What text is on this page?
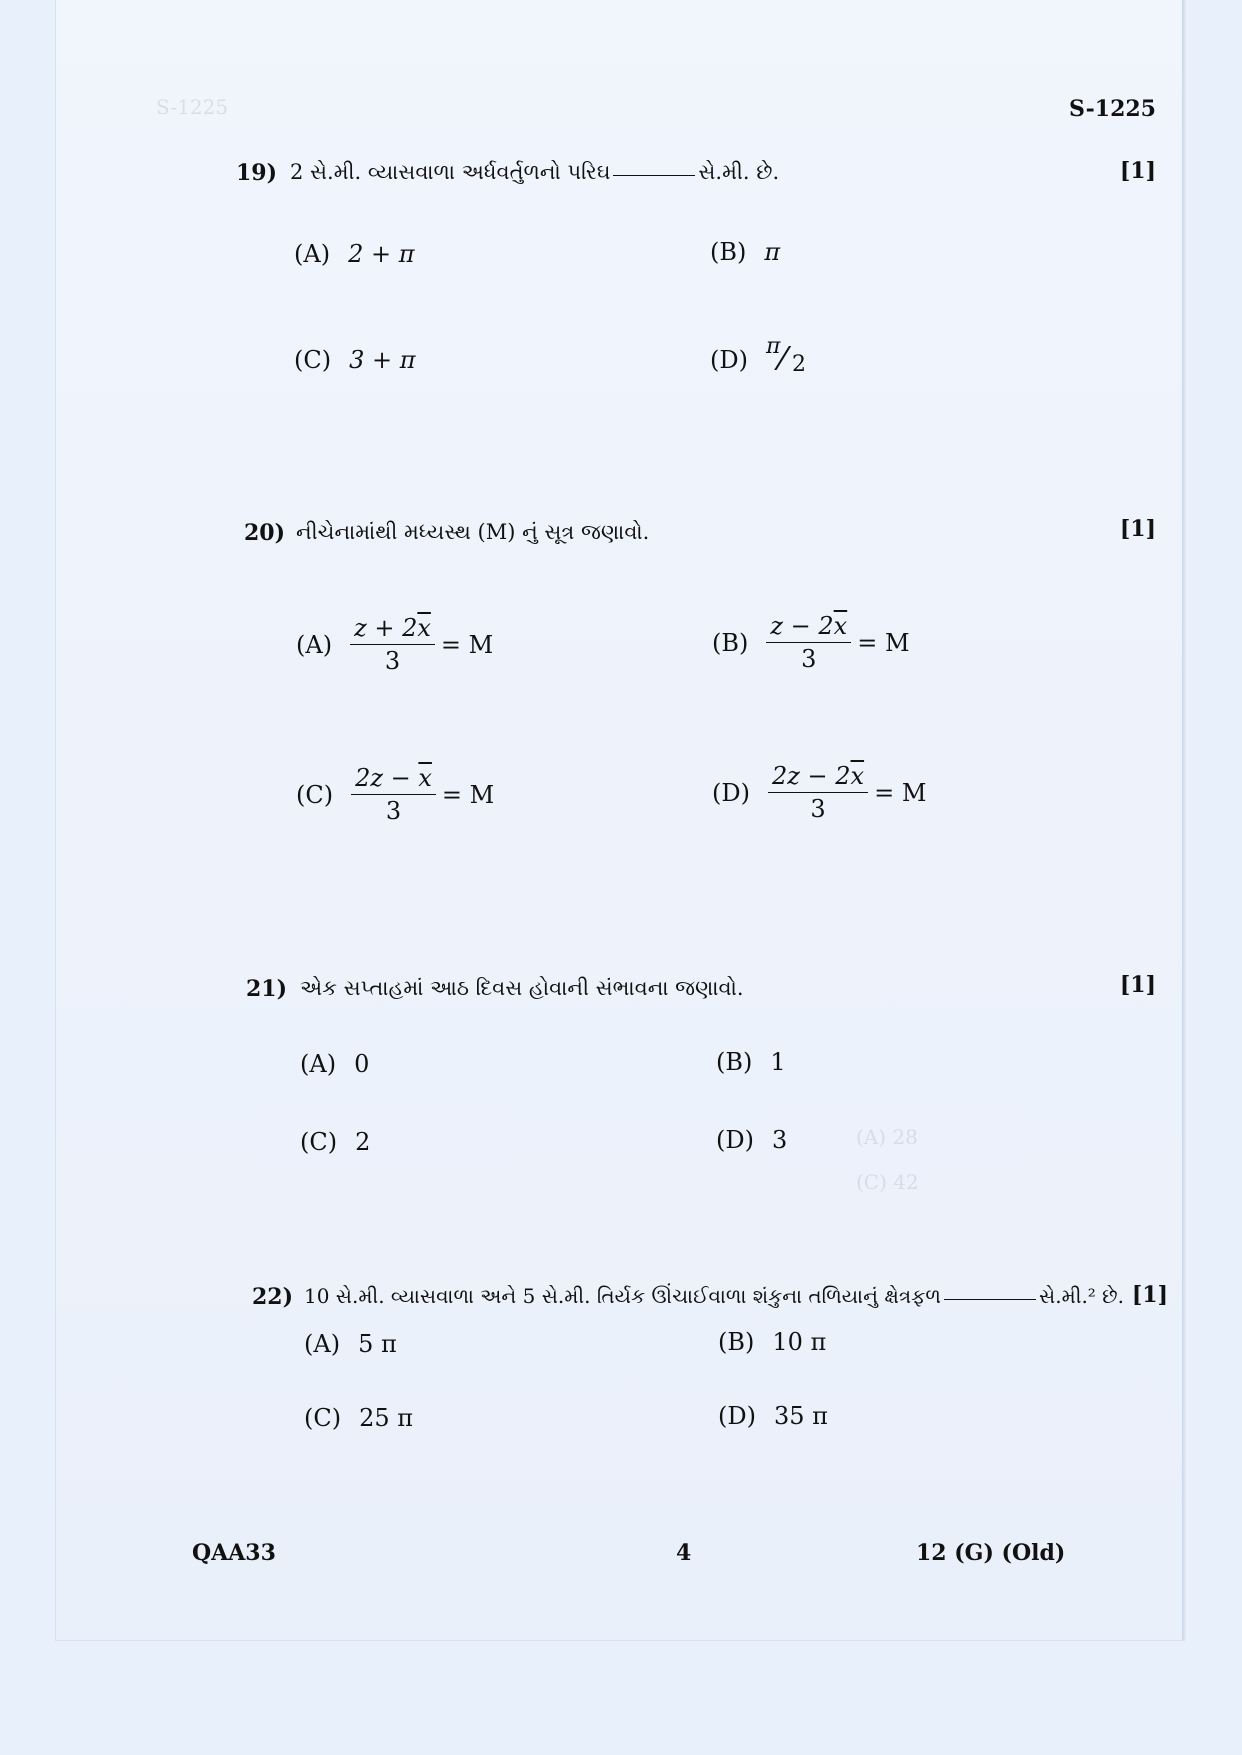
S-1225
(A) 28
(C) 42
S-1225
19) 2 સે.મી. વ્યાસવાળા અર્ધવર્તુળનો પરિઘ	સે.મી. છે.	[1]
(A) 2 + π	(B) π
(C) 3 + π	(D) π ⁄ 2
20) નીચેનામાંથી મધ્યસ્થ (M) નું સૂત્ર જણાવો.	[1]
$(A) \frac{z + 2\overline{x}}{3} = M$	$(B) \frac{z - 2\overline{x}}{3} = M$
$(C) \frac{2z - \overline{x}}{3} = M$	$(D) \frac{2z - 2\overline{x}}{3} = M$
21) એક સપ્તાહમાં આઠ દિવસ હોવાની સંભાવના જણાવો.	[1]
(A) 0	(B) 1
(C) 2	(D) 3
22) 10 સે.મી. વ્યાસવાળા અને 5 સે.મી. તિર્યક ઊંચાઈવાળા શંકુના તળિયાનું ક્ષેત્રફળ	સે.મી.² છે. [1]
(A) 5 π	(B) 10 π
(C) 25 π	(D) 35 π
QAA33	4	12 (G) (Old)
